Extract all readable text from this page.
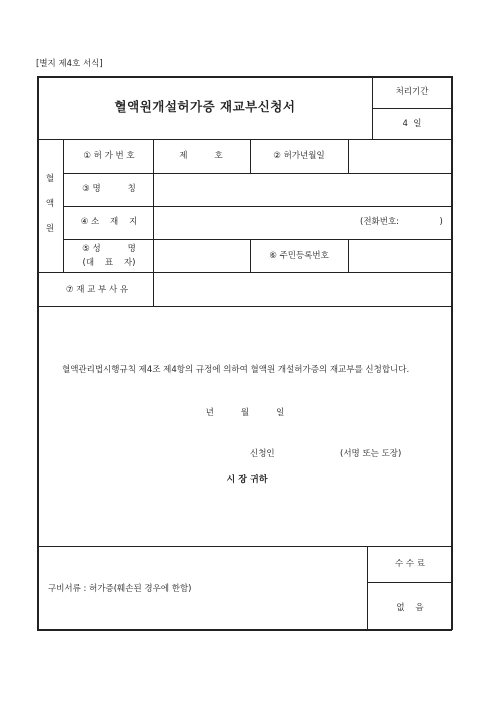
[별지 제4호 서식]
혈액원개설허가증 재교부신청서
처리기간
4  일
혈
액
원
① 허 가 번 호	제          호	② 허가년월일
③ 명          칭
④ 소    재    지	(전화번호:               )
⑤ 성          명
(대    표    자)
⑥ 주민등록번호
⑦ 재 교 부 사 유
혈액관리법시행규칙 제4조 제4항의 규정에 의하여 혈액원 개설허가증의 재교부를 신청합니다.
년          월          일
신청인	(서명 또는 도장)
시 장 귀하
구비서류 : 허가증(훼손된 경우에 한함)
수 수 료
없    음
